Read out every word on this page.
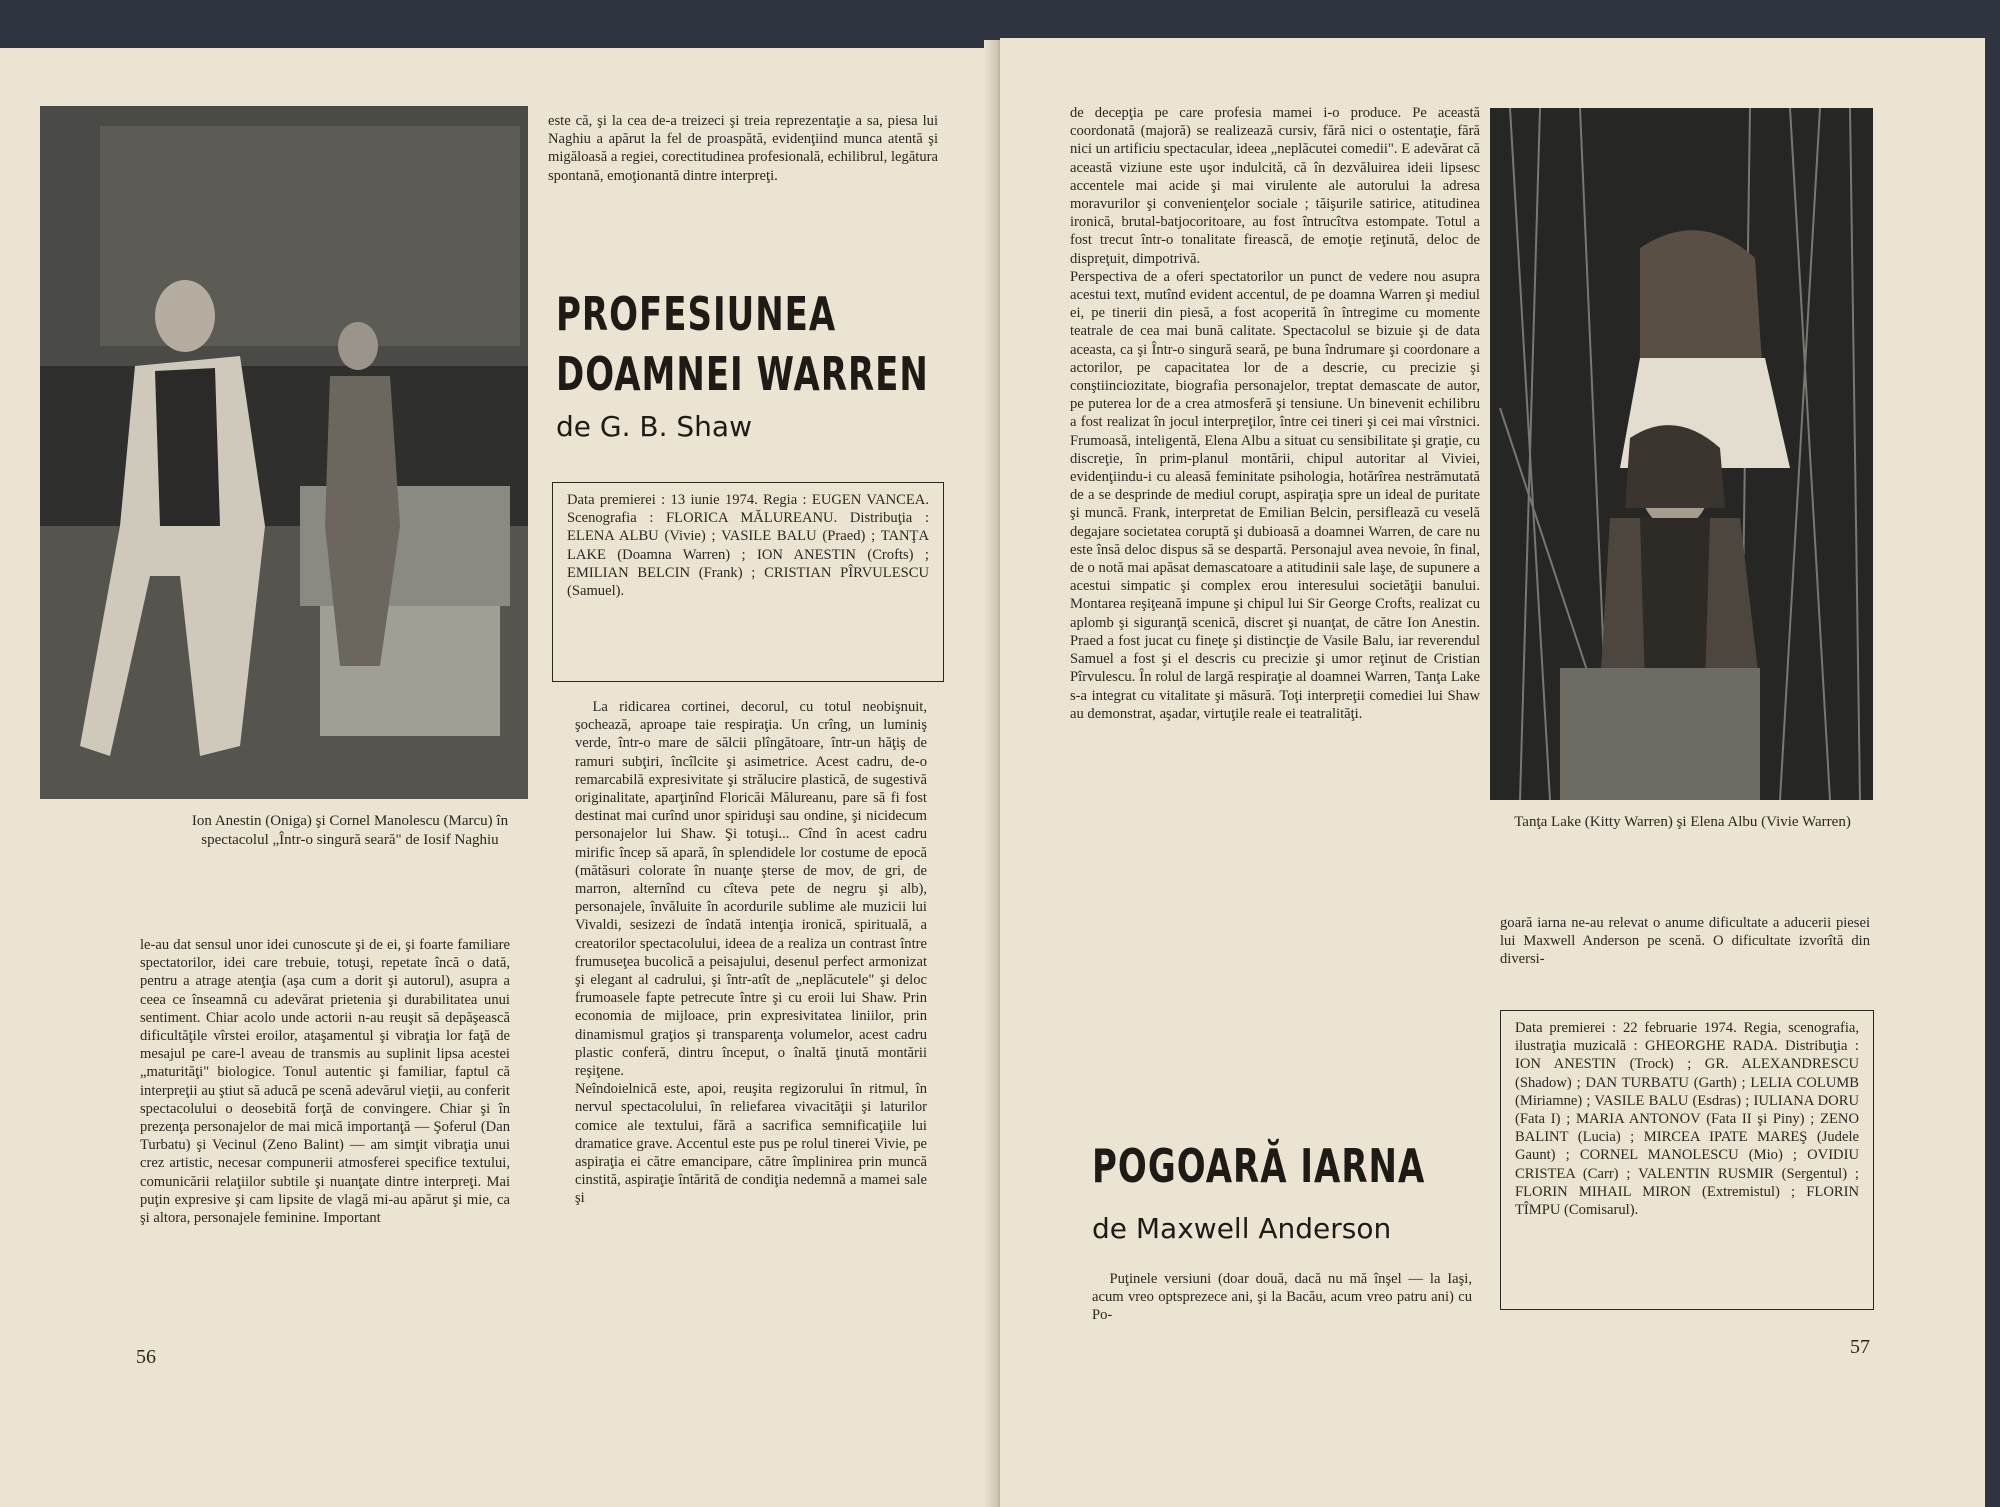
Ion Anestin (Oniga) şi Cornel Manolescu (Marcu) în spectacolul „Într-o singură seară" de Iosif Naghiu

le-au dat sensul unor idei cunoscute şi de ei, şi foarte familiare spectatorilor, idei care trebuie, totuşi, repetate încă o dată, pentru a atrage atenţia (aşa cum a dorit şi autorul), asupra a ceea ce înseamnă cu adevărat prietenia şi durabilitatea unui sentiment. Chiar acolo unde actorii n-au reuşit să depăşească dificultăţile vîrstei eroilor, ataşamentul şi vibraţia lor faţă de mesajul pe care-l aveau de transmis au suplinit lipsa acestei „maturităţi" biologice. Tonul autentic şi familiar, faptul că interpreţii au ştiut să aducă pe scenă adevărul vieţii, au conferit spectacolului o deosebită forţă de convingere. Chiar şi în prezenţa personajelor de mai mică importanţă — Şoferul (Dan Turbatu) şi Vecinul (Zeno Balint) — am simţit vibraţia unui crez artistic, necesar compunerii atmosferei specifice textului, comunicării relaţiilor subtile şi nuanţate dintre interpreţi. Mai puţin expresive şi cam lipsite de vlagă mi-au apărut şi mie, ca şi altora, personajele feminine. Important

este că, şi la cea de-a treizeci şi treia reprezentaţie a sa, piesa lui Naghiu a apărut la fel de proaspătă, evidenţiind munca atentă şi migăloasă a regiei, corectitudinea profesională, echilibrul, legătura spontană, emoţionantă dintre interpreţi.

PROFESIUNEA
DOAMNEI WARREN
de G. B. Shaw
Data premierei : 13 iunie 1974. Regia : EUGEN VANCEA. Scenografia : FLORICA MĂLUREANU. Distribuţia : ELENA ALBU (Vivie) ; VASILE BALU (Praed) ; TANŢA LAKE (Doamna Warren) ; ION ANESTIN (Crofts) ; EMILIAN BELCIN (Frank) ; CRISTIAN PÎRVULESCU (Samuel).

La ridicarea cortinei, decorul, cu totul neobişnuit, şochează, aproape taie respiraţia. Un crîng, un luminiş verde, într-o mare de sălcii plîngătoare, într-un hăţiş de ramuri subţiri, încîlcite şi asimetrice. Acest cadru, de-o remarcabilă expresivitate şi strălucire plastică, de sugestivă originalitate, aparţinînd Floricăi Mălureanu, pare să fi fost destinat mai curînd unor spiriduşi sau ondine, şi nicidecum personajelor lui Shaw. Şi totuşi... Cînd în acest cadru mirific încep să apară, în splendidele lor costume de epocă (mătăsuri colorate în nuanţe şterse de mov, de gri, de marron, alternînd cu cîteva pete de negru şi alb), personajele, învăluite în acordurile sublime ale muzicii lui Vivaldi, sesizezi de îndată intenţia ironică, spirituală, a creatorilor spectacolului, ideea de a realiza un contrast între frumuseţea bucolică a peisajului, desenul perfect armonizat şi elegant al cadrului, şi într-atît de „neplăcutele" şi deloc frumoasele fapte petrecute între şi cu eroii lui Shaw. Prin economia de mijloace, prin expresivitatea liniilor, prin dinamismul graţios şi transparenţa volumelor, acest cadru plastic conferă, dintru început, o înaltă ţinută montării reşiţene.
Neîndoielnică este, apoi, reuşita regizorului în ritmul, în nervul spectacolului, în reliefarea vivacităţii şi laturilor comice ale textului, fără a sacrifica semnificaţiile lui dramatice grave. Accentul este pus pe rolul tinerei Vivie, pe aspiraţia ei către emancipare, către împlinirea prin muncă cinstită, aspiraţie întărită de condiţia nedemnă a mamei sale şi

56

de decepţia pe care profesia mamei i-o produce. Pe această coordonată (majoră) se realizează cursiv, fără nici o ostentaţie, fără nici un artificiu spectacular, ideea „neplăcutei comedii". E adevărat că această viziune este uşor indulcită, că în dezvăluirea ideii lipsesc accentele mai acide şi mai virulente ale autorului la adresa moravurilor şi convenienţelor sociale ; tăişurile satirice, atitudinea ironică, brutal-batjocoritoare, au fost întrucîtva estompate. Totul a fost trecut într-o tonalitate firească, de emoţie reţinută, deloc de dispreţuit, dimpotrivă.
Perspectiva de a oferi spectatorilor un punct de vedere nou asupra acestui text, mutînd evident accentul, de pe doamna Warren şi mediul ei, pe tinerii din piesă, a fost acoperită în întregime cu momente teatrale de cea mai bună calitate. Spectacolul se bizuie şi de data aceasta, ca şi Într-o singură seară, pe buna îndrumare şi coordonare a actorilor, pe capacitatea lor de a descrie, cu precizie şi conştiinciozitate, biografia personajelor, treptat demascate de autor, pe puterea lor de a crea atmosferă şi tensiune. Un binevenit echilibru a fost realizat în jocul interpreţilor, între cei tineri şi cei mai vîrstnici. Frumoasă, inteligentă, Elena Albu a situat cu sensibilitate şi graţie, cu discreţie, în prim-planul montării, chipul autoritar al Viviei, evidenţiindu-i cu aleasă feminitate psihologia, hotărîrea nestrămutată de a se desprinde de mediul corupt, aspiraţia spre un ideal de puritate şi muncă. Frank, interpretat de Emilian Belcin, persiflează cu veselă degajare societatea coruptă şi dubioasă a doamnei Warren, de care nu este însă deloc dispus să se despartă. Personajul avea nevoie, în final, de o notă mai apăsat demascatoare a atitudinii sale laşe, de supunere a acestui simpatic şi complex erou interesului societăţii banului. Montarea reşiţeană impune şi chipul lui Sir George Crofts, realizat cu aplomb şi siguranţă scenică, discret şi nuanţat, de către Ion Anestin. Praed a fost jucat cu fineţe şi distincţie de Vasile Balu, iar reverendul Samuel a fost şi el descris cu precizie şi umor reţinut de Cristian Pîrvulescu. În rolul de largă respiraţie al doamnei Warren, Tanţa Lake s-a integrat cu vitalitate şi măsură. Toţi interpreţii comediei lui Shaw au demonstrat, aşadar, virtuţile reale ei teatralităţi.

POGOARĂ IARNA
de Maxwell Anderson

Puţinele versiuni (doar două, dacă nu mă înşel — la Iaşi, acum vreo optsprezece ani, şi la Bacău, acum vreo patru ani) cu Po-

Tanţa Lake (Kitty Warren) şi Elena Albu (Vivie Warren)

goară iarna ne-au relevat o anume dificultate a aducerii piesei lui Maxwell Anderson pe scenă. O dificultate izvorîtă din diversi-

Data premierei : 22 februarie 1974. Regia, scenografia, ilustraţia muzicală : GHEORGHE RADA. Distribuţia : ION ANESTIN (Trock) ; GR. ALEXANDRESCU (Shadow) ; DAN TURBATU (Garth) ; LELIA COLUMB (Miriamne) ; VASILE BALU (Esdras) ; IULIANA DORU (Fata I) ; MARIA ANTONOV (Fata II şi Piny) ; ZENO BALINT (Lucia) ; MIRCEA IPATE MAREŞ (Judele Gaunt) ; CORNEL MANOLESCU (Mio) ; OVIDIU CRISTEA (Carr) ; VALENTIN RUSMIR (Sergentul) ; FLORIN MIHAIL MIRON (Extremistul) ; FLORIN TÎMPU (Comisarul).
57
